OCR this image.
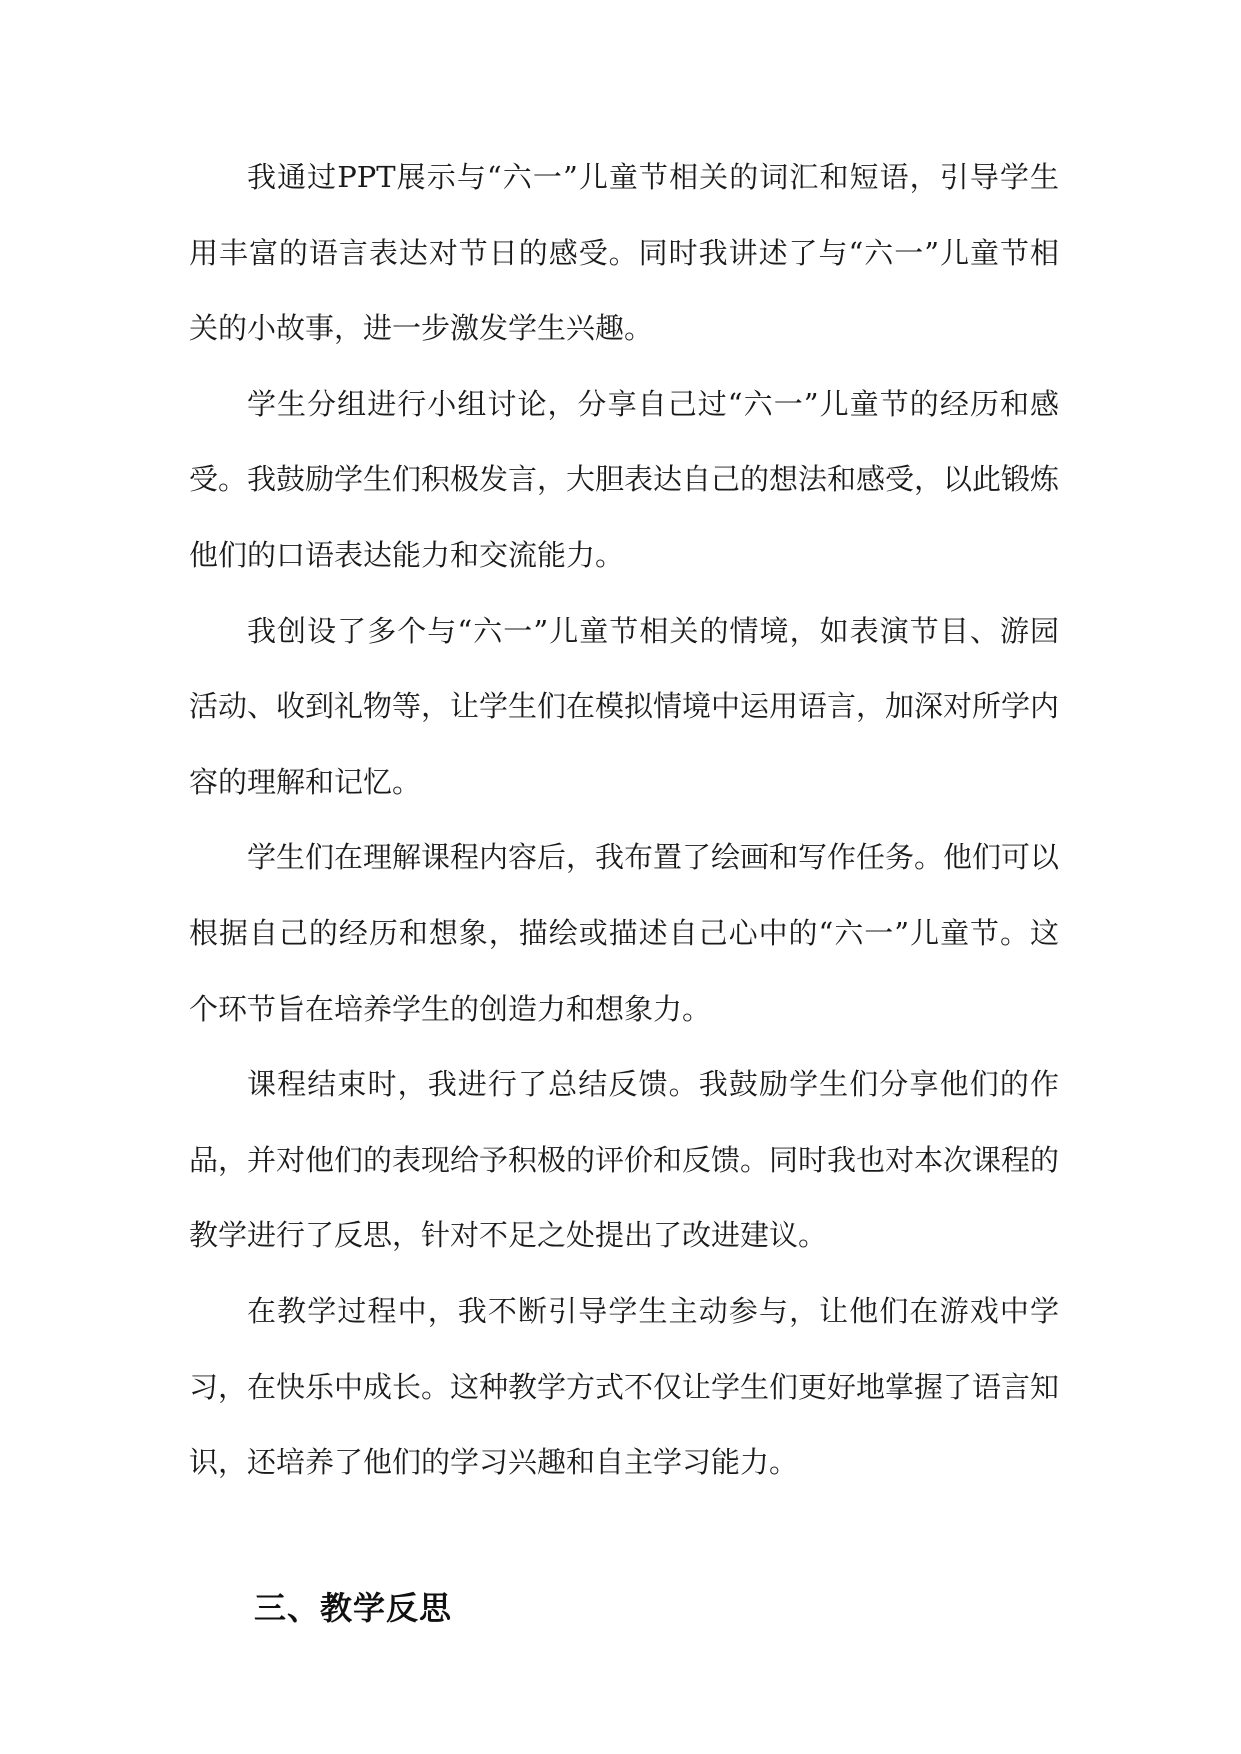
我通过PPT展示与“六一”儿童节相关的词汇和短语，引导学生用丰富的语言表达对节日的感受。同时我讲述了与“六一”儿童节相关的小故事，进一步激发学生兴趣。

学生分组进行小组讨论，分享自己过“六一”儿童节的经历和感受。我鼓励学生们积极发言，大胆表达自己的想法和感受，以此锻炼他们的口语表达能力和交流能力。

我创设了多个与“六一”儿童节相关的情境，如表演节目、游园活动、收到礼物等，让学生们在模拟情境中运用语言，加深对所学内容的理解和记忆。

学生们在理解课程内容后，我布置了绘画和写作任务。他们可以根据自己的经历和想象，描绘或描述自己心中的“六一”儿童节。这个环节旨在培养学生的创造力和想象力。

课程结束时，我进行了总结反馈。我鼓励学生们分享他们的作品，并对他们的表现给予积极的评价和反馈。同时我也对本次课程的教学进行了反思，针对不足之处提出了改进建议。

在教学过程中，我不断引导学生主动参与，让他们在游戏中学习，在快乐中成长。这种教学方式不仅让学生们更好地掌握了语言知识，还培养了他们的学习兴趣和自主学习能力。

三、教学反思
